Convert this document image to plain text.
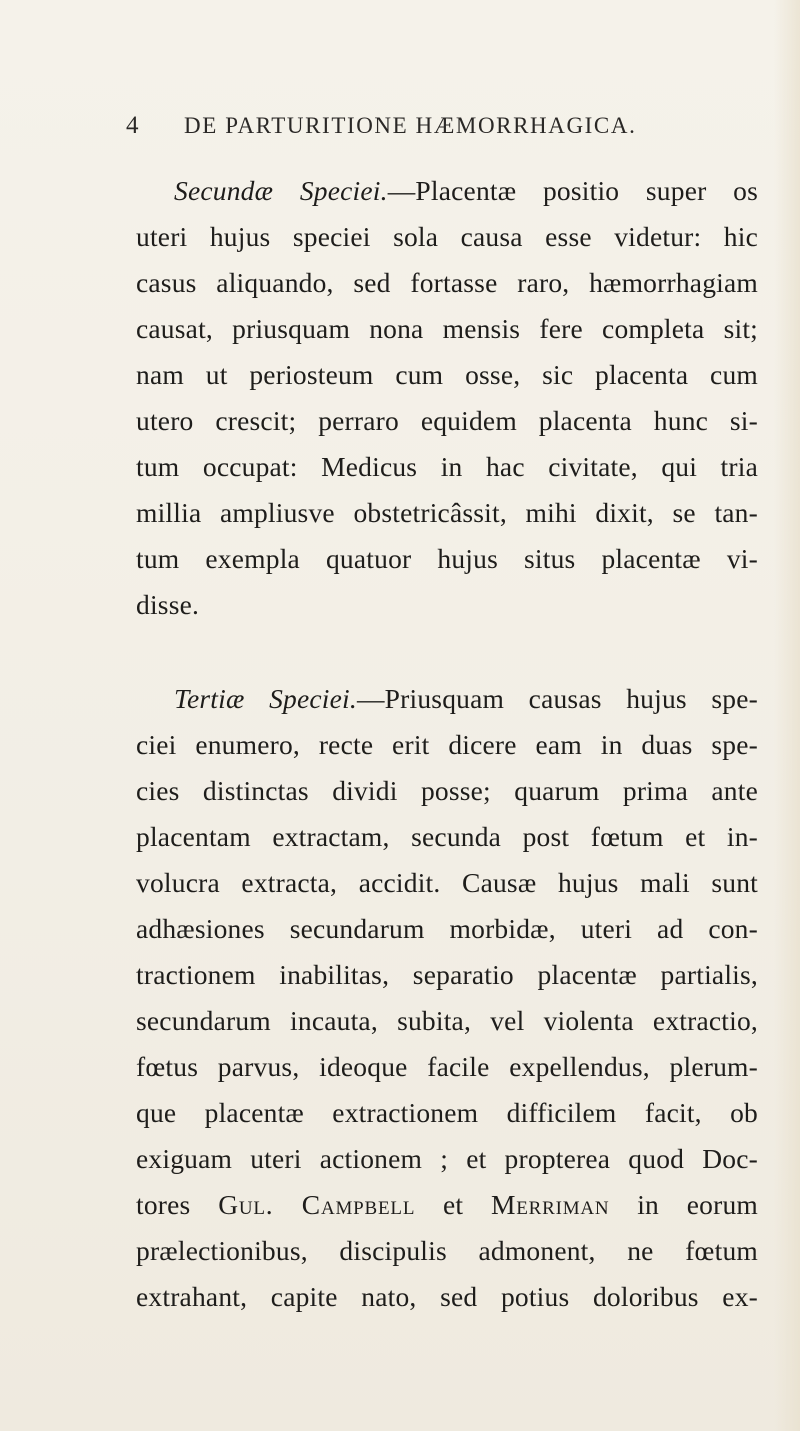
4 DE PARTURITIONE HÆMORRHAGICA.
Secundæ Speciei.—Placentæ positio super os
uteri hujus speciei sola causa esse videtur: hic
casus aliquando, sed fortasse raro, hæmorrhagiam
causat, priusquam nona mensis fere completa sit;
nam ut periosteum cum osse, sic placenta cum
utero crescit; perraro equidem placenta hunc si-
tum occupat: Medicus in hac civitate, qui tria
millia ampliusve obstetricâssit, mihi dixit, se tan-
tum exempla quatuor hujus situs placentæ vi-
disse.
Tertiæ Speciei.—Priusquam causas hujus spe-
ciei enumero, recte erit dicere eam in duas spe-
cies distinctas dividi posse; quarum prima ante
placentam extractam, secunda post fœtum et in-
volucra extracta, accidit. Causæ hujus mali sunt
adhæsiones secundarum morbidæ, uteri ad con-
tractionem inabilitas, separatio placentæ partialis,
secundarum incauta, subita, vel violenta extractio,
fœtus parvus, ideoque facile expellendus, plerum-
que placentæ extractionem difficilem facit, ob
exiguam uteri actionem ; et propterea quod Doc-
tores Gul. Campbell et Merriman in eorum
prælectionibus, discipulis admonent, ne fœtum
extrahant, capite nato, sed potius doloribus ex-
